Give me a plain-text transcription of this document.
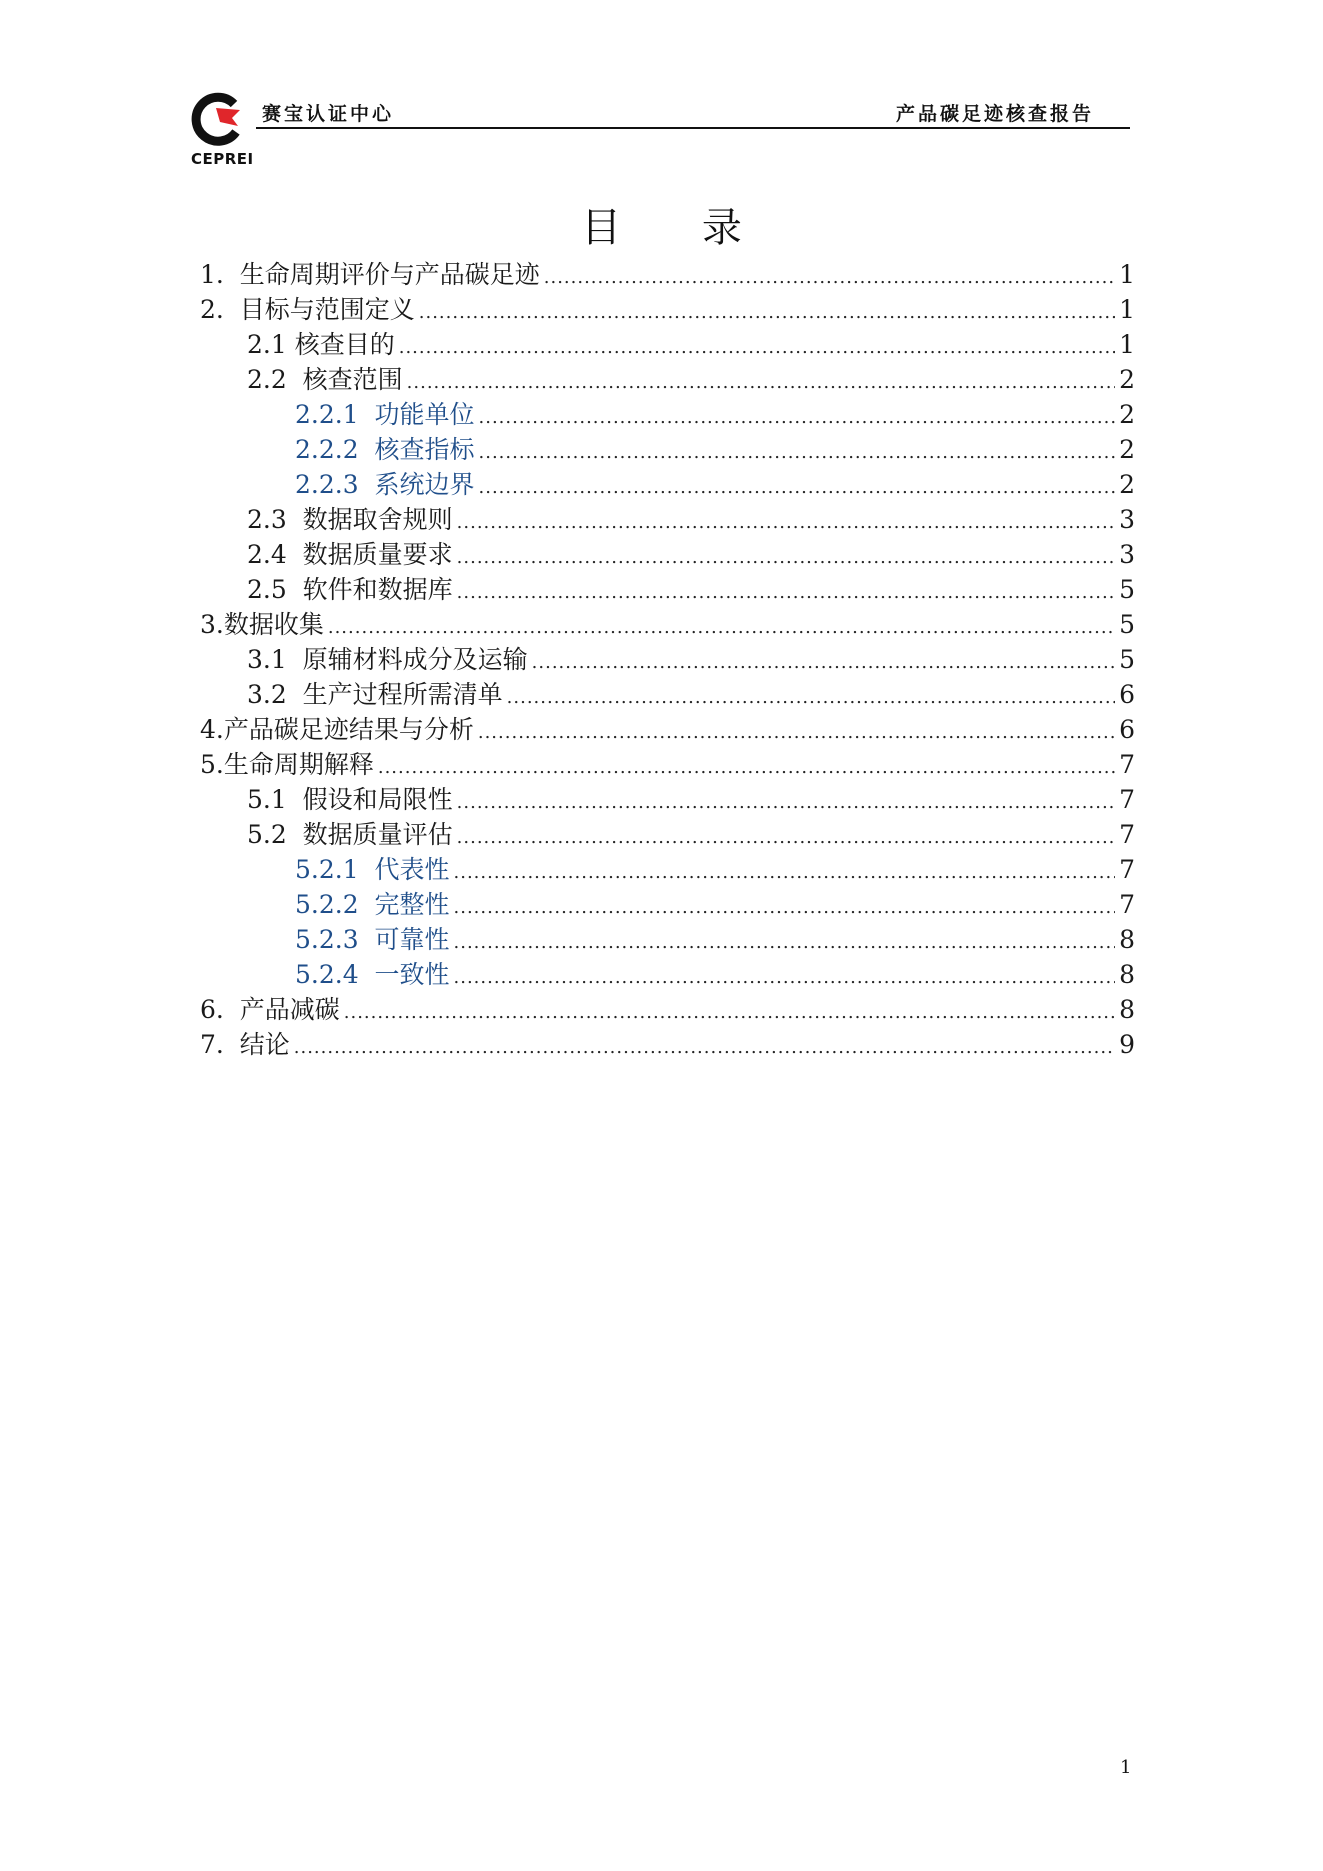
CEPREI
赛宝认证中心	产品碳足迹核查报告
目 录
1.  生命周期评价与产品碳足迹 .....	1
2.  目标与范围定义 .....	1
2.1 核查目的 .....	1
2.2  核查范围 .....	2
2.2.1  功能单位 .....	2
2.2.2  核查指标 .....	2
2.2.3  系统边界 .....	2
2.3  数据取舍规则 .....	3
2.4  数据质量要求 .....	3
2.5  软件和数据库 .....	5
3.数据收集 .....	5
3.1  原辅材料成分及运输 .....	5
3.2  生产过程所需清单 .....	6
4.产品碳足迹结果与分析 .....	6
5.生命周期解释 .....	7
5.1  假设和局限性 .....	7
5.2  数据质量评估 .....	7
5.2.1  代表性 .....	7
5.2.2  完整性 .....	7
5.2.3  可靠性 .....	8
5.2.4  一致性 .....	8
6.  产品减碳 .....	8
7.  结论 .....	9
1
